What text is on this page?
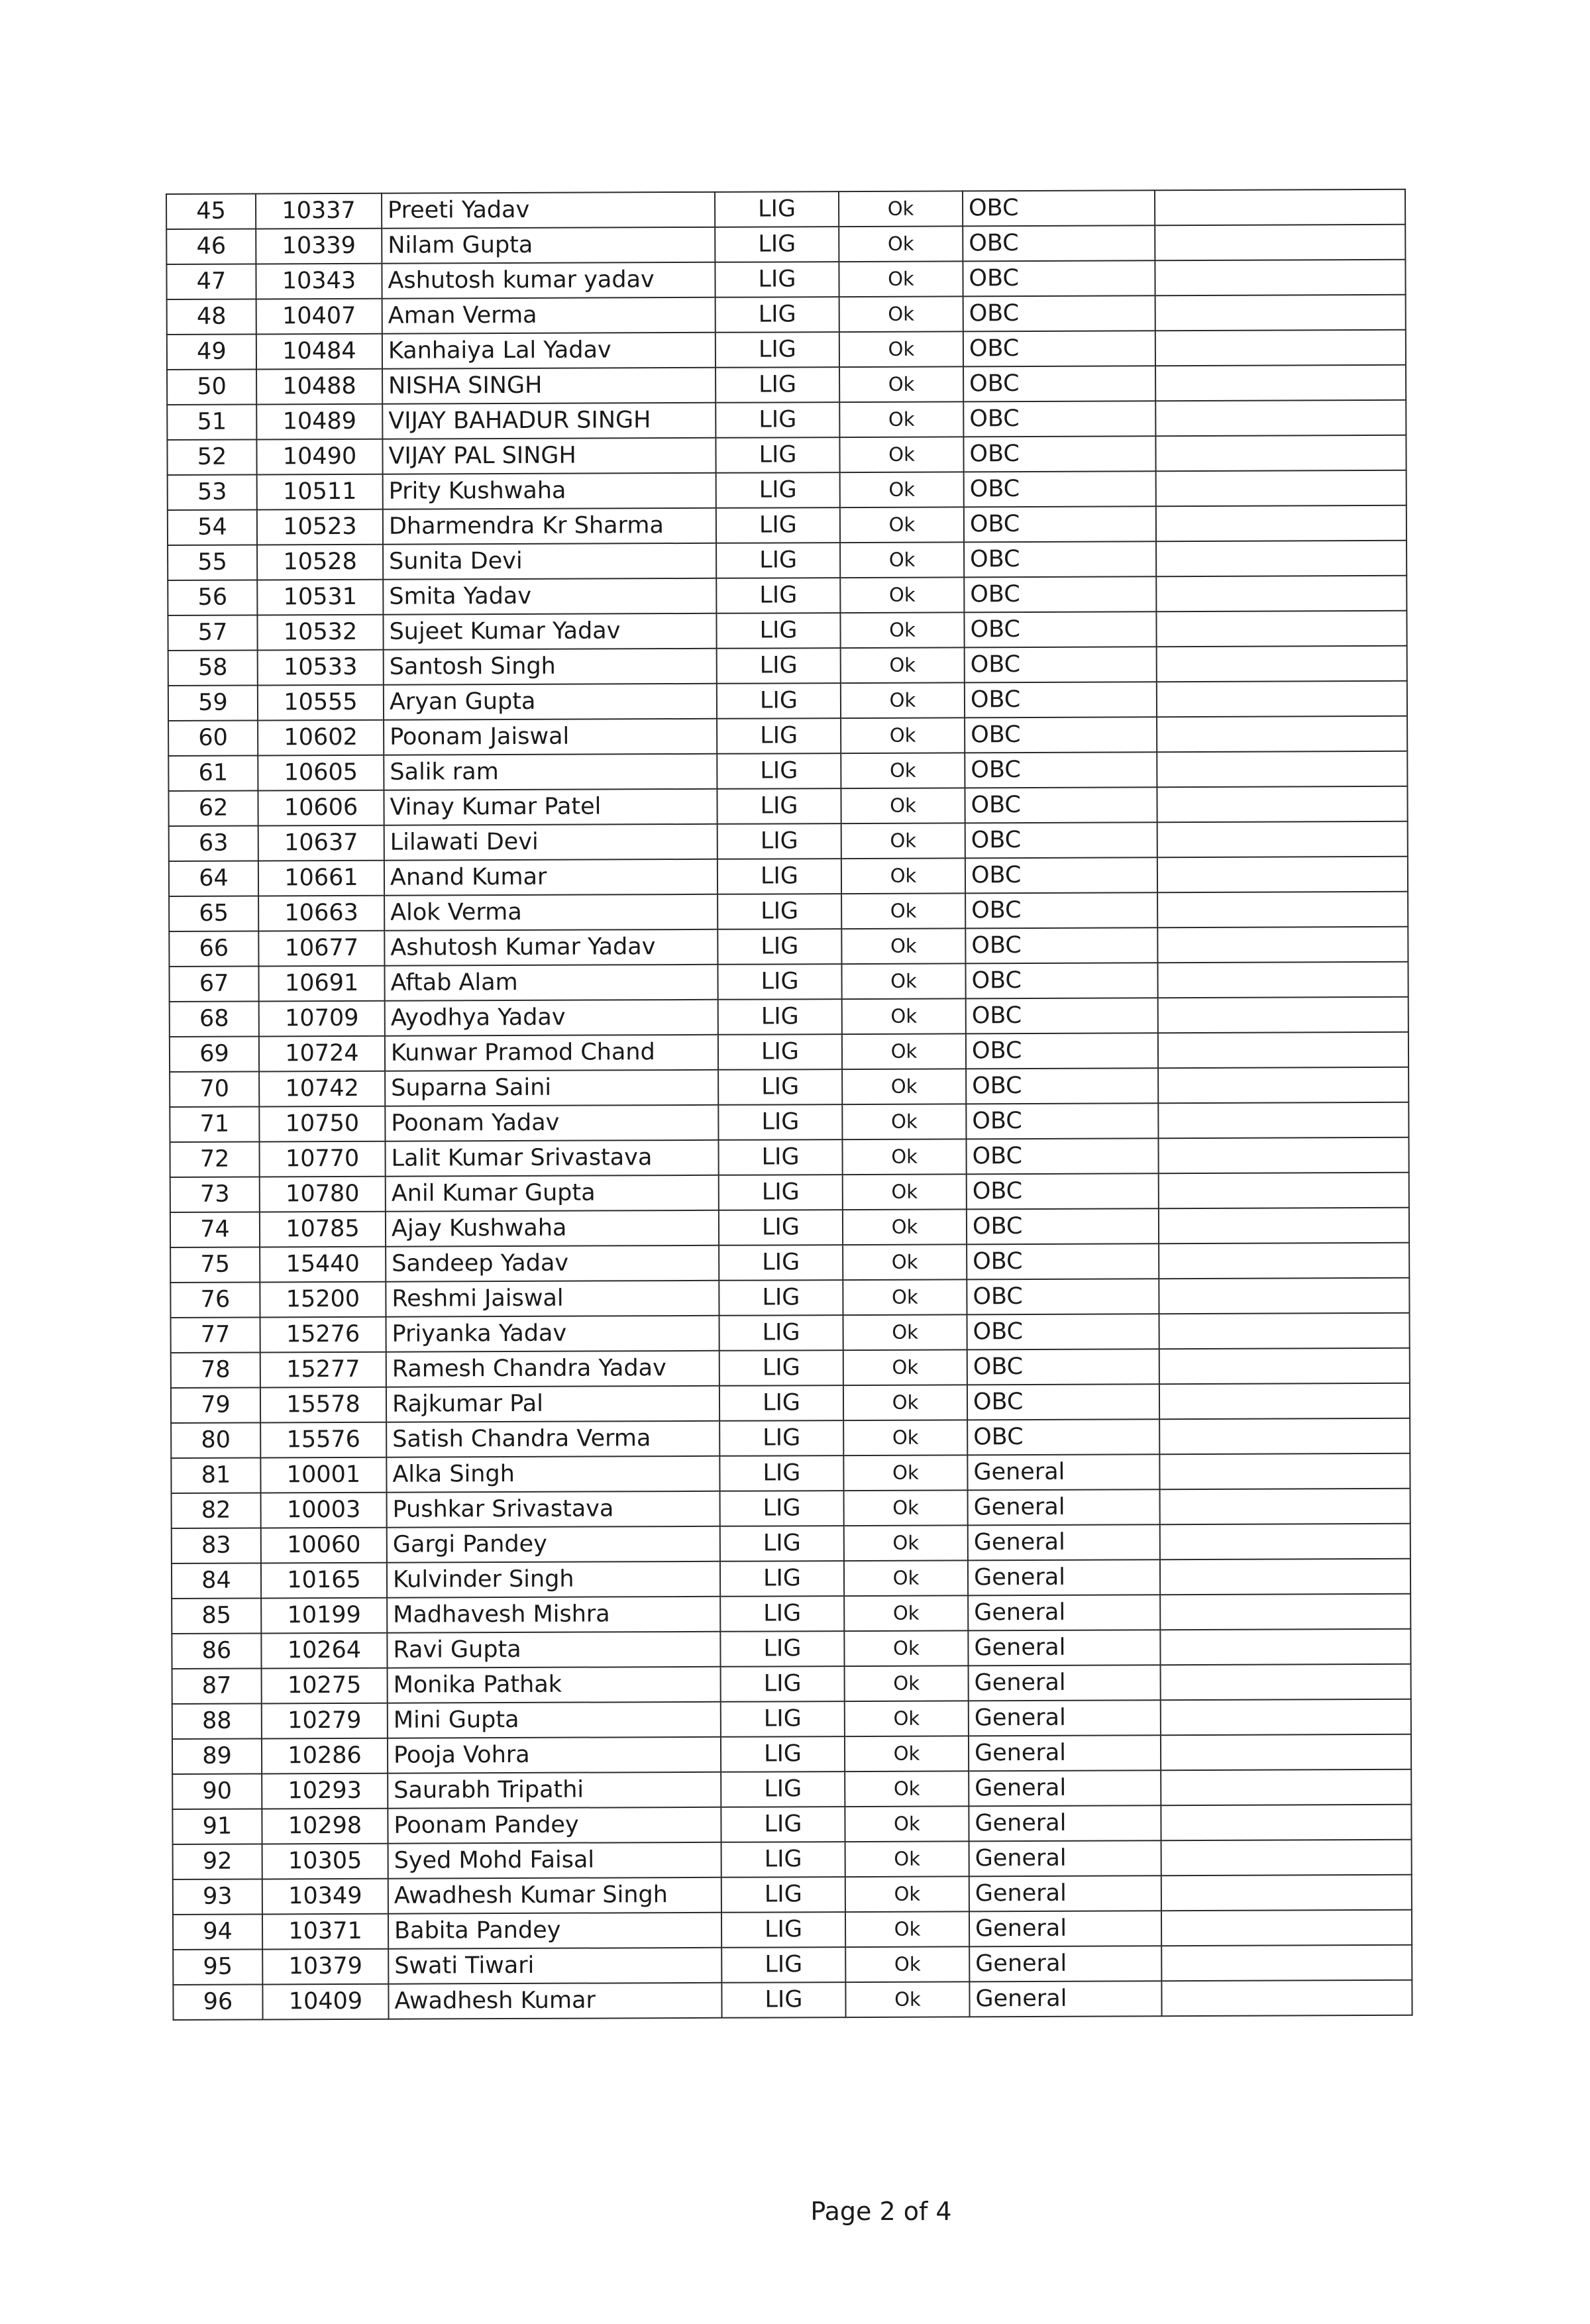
45	10337	Preeti Yadav	LIG	Ok	OBC	
46	10339	Nilam Gupta	LIG	Ok	OBC	
47	10343	Ashutosh kumar yadav	LIG	Ok	OBC	
48	10407	Aman Verma	LIG	Ok	OBC	
49	10484	Kanhaiya Lal Yadav	LIG	Ok	OBC	
50	10488	NISHA SINGH	LIG	Ok	OBC	
51	10489	VIJAY BAHADUR SINGH	LIG	Ok	OBC	
52	10490	VIJAY PAL SINGH	LIG	Ok	OBC	
53	10511	Prity Kushwaha	LIG	Ok	OBC	
54	10523	Dharmendra Kr Sharma	LIG	Ok	OBC	
55	10528	Sunita Devi	LIG	Ok	OBC	
56	10531	Smita Yadav	LIG	Ok	OBC	
57	10532	Sujeet Kumar Yadav	LIG	Ok	OBC	
58	10533	Santosh Singh	LIG	Ok	OBC	
59	10555	Aryan Gupta	LIG	Ok	OBC	
60	10602	Poonam Jaiswal	LIG	Ok	OBC	
61	10605	Salik ram	LIG	Ok	OBC	
62	10606	Vinay Kumar Patel	LIG	Ok	OBC	
63	10637	Lilawati Devi	LIG	Ok	OBC	
64	10661	Anand Kumar	LIG	Ok	OBC	
65	10663	Alok Verma	LIG	Ok	OBC	
66	10677	Ashutosh Kumar Yadav	LIG	Ok	OBC	
67	10691	Aftab Alam	LIG	Ok	OBC	
68	10709	Ayodhya Yadav	LIG	Ok	OBC	
69	10724	Kunwar Pramod Chand	LIG	Ok	OBC	
70	10742	Suparna Saini	LIG	Ok	OBC	
71	10750	Poonam Yadav	LIG	Ok	OBC	
72	10770	Lalit Kumar Srivastava	LIG	Ok	OBC	
73	10780	Anil Kumar Gupta	LIG	Ok	OBC	
74	10785	Ajay Kushwaha	LIG	Ok	OBC	
75	15440	Sandeep Yadav	LIG	Ok	OBC	
76	15200	Reshmi Jaiswal	LIG	Ok	OBC	
77	15276	Priyanka Yadav	LIG	Ok	OBC	
78	15277	Ramesh Chandra Yadav	LIG	Ok	OBC	
79	15578	Rajkumar Pal	LIG	Ok	OBC	
80	15576	Satish Chandra Verma	LIG	Ok	OBC	
81	10001	Alka Singh	LIG	Ok	General	
82	10003	Pushkar Srivastava	LIG	Ok	General	
83	10060	Gargi Pandey	LIG	Ok	General	
84	10165	Kulvinder Singh	LIG	Ok	General	
85	10199	Madhavesh Mishra	LIG	Ok	General	
86	10264	Ravi Gupta	LIG	Ok	General	
87	10275	Monika Pathak	LIG	Ok	General	
88	10279	Mini Gupta	LIG	Ok	General	
89	10286	Pooja Vohra	LIG	Ok	General	
90	10293	Saurabh Tripathi	LIG	Ok	General	
91	10298	Poonam Pandey	LIG	Ok	General	
92	10305	Syed Mohd Faisal	LIG	Ok	General	
93	10349	Awadhesh Kumar Singh	LIG	Ok	General	
94	10371	Babita Pandey	LIG	Ok	General	
95	10379	Swati Tiwari	LIG	Ok	General	
96	10409	Awadhesh Kumar	LIG	Ok	General	
Page 2 of 4
